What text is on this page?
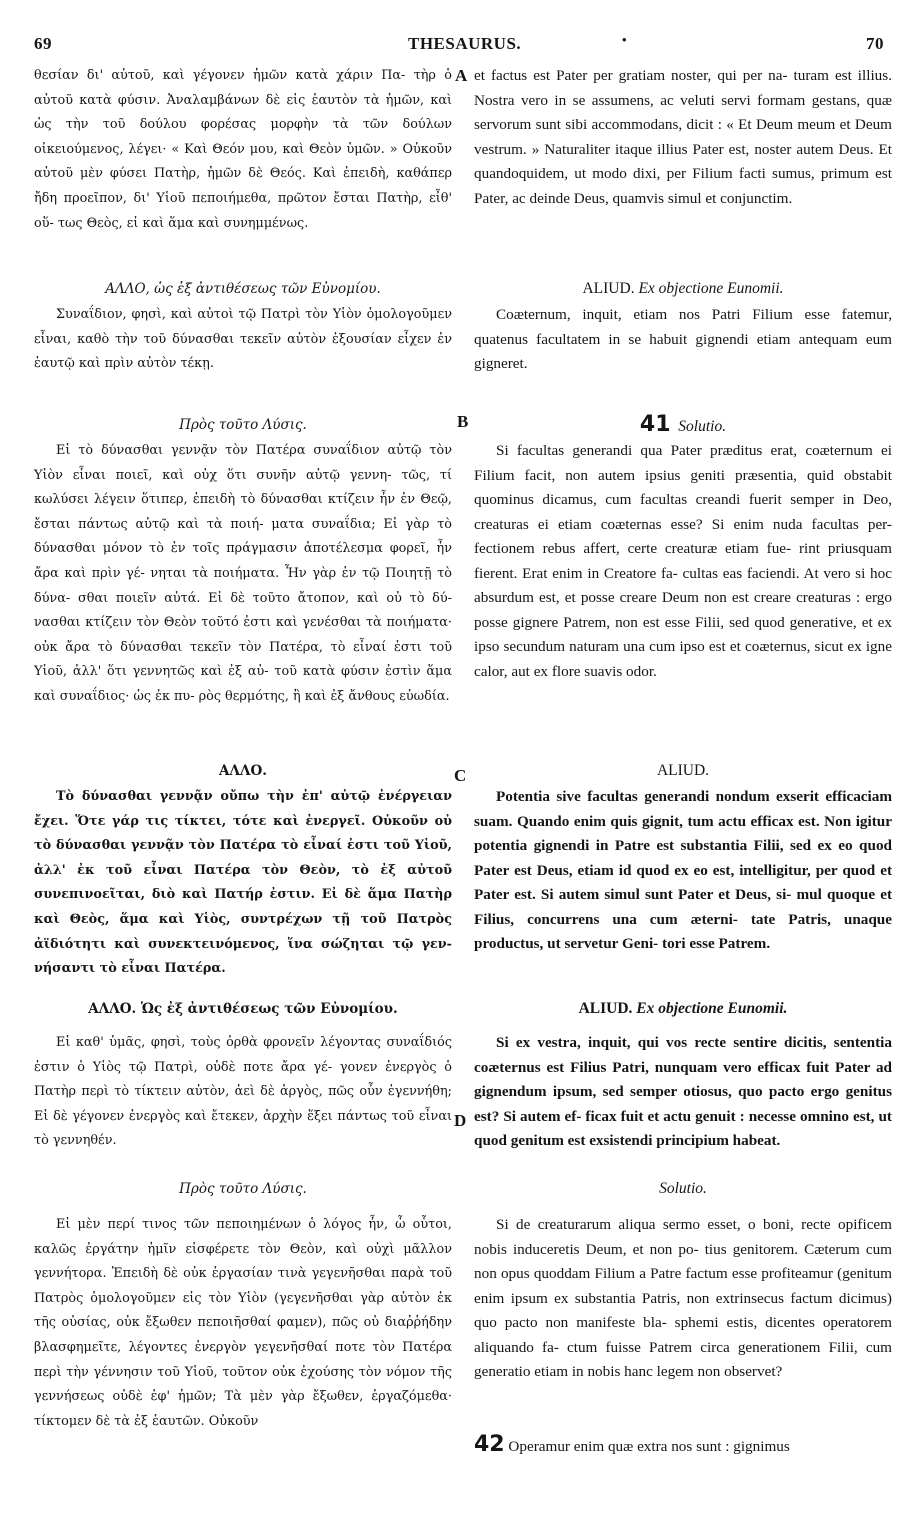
69	THESAURUS.	•	70
A
B
C
D

θεσίαν δι' αὐτοῦ, καὶ γέγονεν ἡμῶν κατὰ χάριν Πα- τὴρ ὁ αὐτοῦ κατὰ φύσιν. Ἀναλαμβάνων δὲ εἰς ἑαυτὸν τὰ ἡμῶν, καὶ ὡς τὴν τοῦ δούλου φορέσας μορφὴν τὰ τῶν δούλων οἰκειούμενος, λέγει· « Καὶ Θεόν μου, καὶ Θεὸν ὑμῶν. » Οὐκοῦν αὐτοῦ μὲν φύσει Πατὴρ, ἡμῶν δὲ Θεός. Καὶ ἐπειδὴ, καθάπερ ἤδη προεῖπον, δι' Υἱοῦ πεποιήμεθα, πρῶτον ἔσται Πατὴρ, εἶθ' οὕ- τως Θεὸς, εἰ καὶ ἅμα καὶ συνημμένως.

ΑΛΛΟ, ὡς ἐξ ἀντιθέσεως τῶν Εὐνομίου.

Συναΐδιον, φησὶ, καὶ αὐτοὶ τῷ Πατρὶ τὸν Υἱὸν ὁμολογοῦμεν εἶναι, καθὸ τὴν τοῦ δύνασθαι τεκεῖν αὐτὸν ἐξουσίαν εἶχεν ἐν ἑαυτῷ καὶ πρὶν αὐτὸν τέκῃ.

Πρὸς τοῦτο Λύσις.

Εἰ τὸ δύνασθαι γεννᾷν τὸν Πατέρα συναΐδιον αὐτῷ τὸν Υἱὸν εἶναι ποιεῖ, καὶ οὐχ ὅτι συνῆν αὐτῷ γεννη- τῶς, τί κωλύσει λέγειν ὅτιπερ, ἐπειδὴ τὸ δύνασθαι κτίζειν ἦν ἐν Θεῷ, ἔσται πάντως αὐτῷ καὶ τὰ ποιή- ματα συναΐδια; Εἰ γὰρ τὸ δύνασθαι μόνον τὸ ἐν τοῖς πράγμασιν ἀποτέλεσμα φορεῖ, ἦν ἄρα καὶ πρὶν γέ- νηται τὰ ποιήματα. Ἦν γὰρ ἐν τῷ Ποιητῇ τὸ δύνα- σθαι ποιεῖν αὐτά. Εἰ δὲ τοῦτο ἄτοπον, καὶ οὐ τὸ δύ- νασθαι κτίζειν τὸν Θεὸν τοῦτό ἐστι καὶ γενέσθαι τὰ ποιήματα· οὐκ ἄρα τὸ δύνασθαι τεκεῖν τὸν Πατέρα, τὸ εἶναί ἐστι τοῦ Υἱοῦ, ἀλλ' ὅτι γεννητῶς καὶ ἐξ αὐ- τοῦ κατὰ φύσιν ἐστὶν ἅμα καὶ συναΐδιος· ὡς ἐκ πυ- ρὸς θερμότης, ἢ καὶ ἐξ ἄνθους εὐωδία.

ΑΛΛΟ.

Τὸ δύνασθαι γεννᾷν οὔπω τὴν ἐπ' αὐτῷ ἐνέργειαν ἔχει. Ὅτε γάρ τις τίκτει, τότε καὶ ἐνεργεῖ. Οὐκοῦν οὐ τὸ δύνασθαι γεννᾷν τὸν Πατέρα τὸ εἶναί ἐστι τοῦ Υἱοῦ, ἀλλ' ἐκ τοῦ εἶναι Πατέρα τὸν Θεὸν, τὸ ἐξ αὐτοῦ συνεπινοεῖται, διὸ καὶ Πατήρ ἐστιν. Εἰ δὲ ἅμα Πατὴρ καὶ Θεὸς, ἅμα καὶ Υἱὸς, συντρέχων τῇ τοῦ Πατρὸς ἀϊδιότητι καὶ συνεκτεινόμενος, ἵνα σώζηται τῷ γεν- νήσαντι τὸ εἶναι Πατέρα.

ΑΛΛΟ. Ὡς ἐξ ἀντιθέσεως τῶν Εὐνομίου.

Εἰ καθ' ὑμᾶς, φησὶ, τοὺς ὀρθὰ φρονεῖν λέγοντας συναΐδιός ἐστιν ὁ Υἱὸς τῷ Πατρὶ, οὐδὲ ποτε ἄρα γέ- γονεν ἐνεργὸς ὁ Πατὴρ περὶ τὸ τίκτειν αὐτὸν, ἀεὶ δὲ ἀργὸς, πῶς οὖν ἐγεννήθη; Εἰ δὲ γέγονεν ἐνεργὸς καὶ ἔτεκεν, ἀρχὴν ἕξει πάντως τοῦ εἶναι τὸ γεννηθέν.

Πρὸς τοῦτο Λύσις.

Εἰ μὲν περί τινος τῶν πεποιημένων ὁ λόγος ἦν, ὦ οὗτοι, καλῶς ἐργάτην ἡμῖν εἰσφέρετε τὸν Θεὸν, καὶ οὐχὶ μᾶλλον γεννήτορα. Ἐπειδὴ δὲ οὐκ ἐργασίαν τινὰ γεγενῆσθαι παρὰ τοῦ Πατρὸς ὁμολογοῦμεν εἰς τὸν Υἱὸν (γεγενῆσθαι γὰρ αὐτὸν ἐκ τῆς οὐσίας, οὐκ ἔξωθεν πεποιῆσθαί φαμεν), πῶς οὐ διαῤῥήδην βλασφημεῖτε, λέγοντες ἐνεργὸν γεγενῆσθαί ποτε τὸν Πατέρα περὶ τὴν γέννησιν τοῦ Υἱοῦ, τοῦτον οὐκ ἐχούσης τὸν νόμον τῆς γεννήσεως οὐδὲ ἐφ' ἡμῶν; Τὰ μὲν γὰρ ἔξωθεν, ἐργαζόμεθα· τίκτομεν δὲ τὰ ἐξ ἑαυτῶν. Οὐκοῦν

et factus est Pater per gratiam noster, qui per na- turam est illius. Nostra vero in se assumens, ac veluti servi formam gestans, quæ servorum sunt sibi accommodans, dicit : « Et Deum meum et Deum vestrum. » Naturaliter itaque illius Pater est, noster autem Deus. Et quandoquidem, ut modo dixi, per Filium facti sumus, primum est Pater, ac deinde Deus, quamvis simul et conjunctim.

ALIUD. Ex objectione Eunomii.

Coæternum, inquit, etiam nos Patri Filium esse fatemur, quatenus facultatem in se habuit gignendi etiam antequam eum gigneret.

41 Solutio.

Si facultas generandi qua Pater præditus erat, coæternum ei Filium facit, non autem ipsius geniti præsentia, quid obstabit quominus dicamus, cum facultas creandi fuerit semper in Deo, creaturas ei etiam coæternas esse? Si enim nuda facultas per- fectionem rebus affert, certe creaturæ etiam fue- rint priusquam fierent. Erat enim in Creatore fa- cultas eas faciendi. At vero si hoc absurdum est, et posse creare Deum non est creare creaturas : ergo posse gignere Patrem, non est esse Filii, sed quod generative, et ex ipso secundum naturam una cum ipso est et coæternus, sicut ex igne calor, aut ex flore suavis odor.

ALIUD.

Potentia sive facultas generandi nondum exserit efficaciam suam. Quando enim quis gignit, tum actu efficax est. Non igitur potentia gignendi in Patre est substantia Filii, sed ex eo quod Pater est Deus, etiam id quod ex eo est, intelligitur, per quod et Pater est. Si autem simul sunt Pater et Deus, si- mul quoque et Filius, concurrens una cum æterni- tate Patris, unaque productus, ut servetur Geni- tori esse Patrem.

ALIUD. Ex objectione Eunomii.

Si ex vestra, inquit, qui vos recte sentire dicitis, sententia coæternus est Filius Patri, nunquam vero efficax fuit Pater ad gignendum ipsum, sed semper otiosus, quo pacto ergo genitus est? Si autem ef- ficax fuit et actu genuit : necesse omnino est, ut quod genitum est exsistendi principium habeat.

Solutio.

Si de creaturarum aliqua sermo esset, o boni, recte opificem nobis induceretis Deum, et non po- tius genitorem. Cæterum cum non opus quoddam Filium a Patre factum esse profiteamur (genitum enim ipsum ex substantia Patris, non extrinsecus factum dicimus) quo pacto non manifeste bla- sphemi estis, dicentes operatorem aliquando fa- ctum fuisse Patrem circa generationem Filii, cum generatio etiam in nobis hanc legem non observet?

42 Operamur enim quæ extra nos sunt : gignimus
